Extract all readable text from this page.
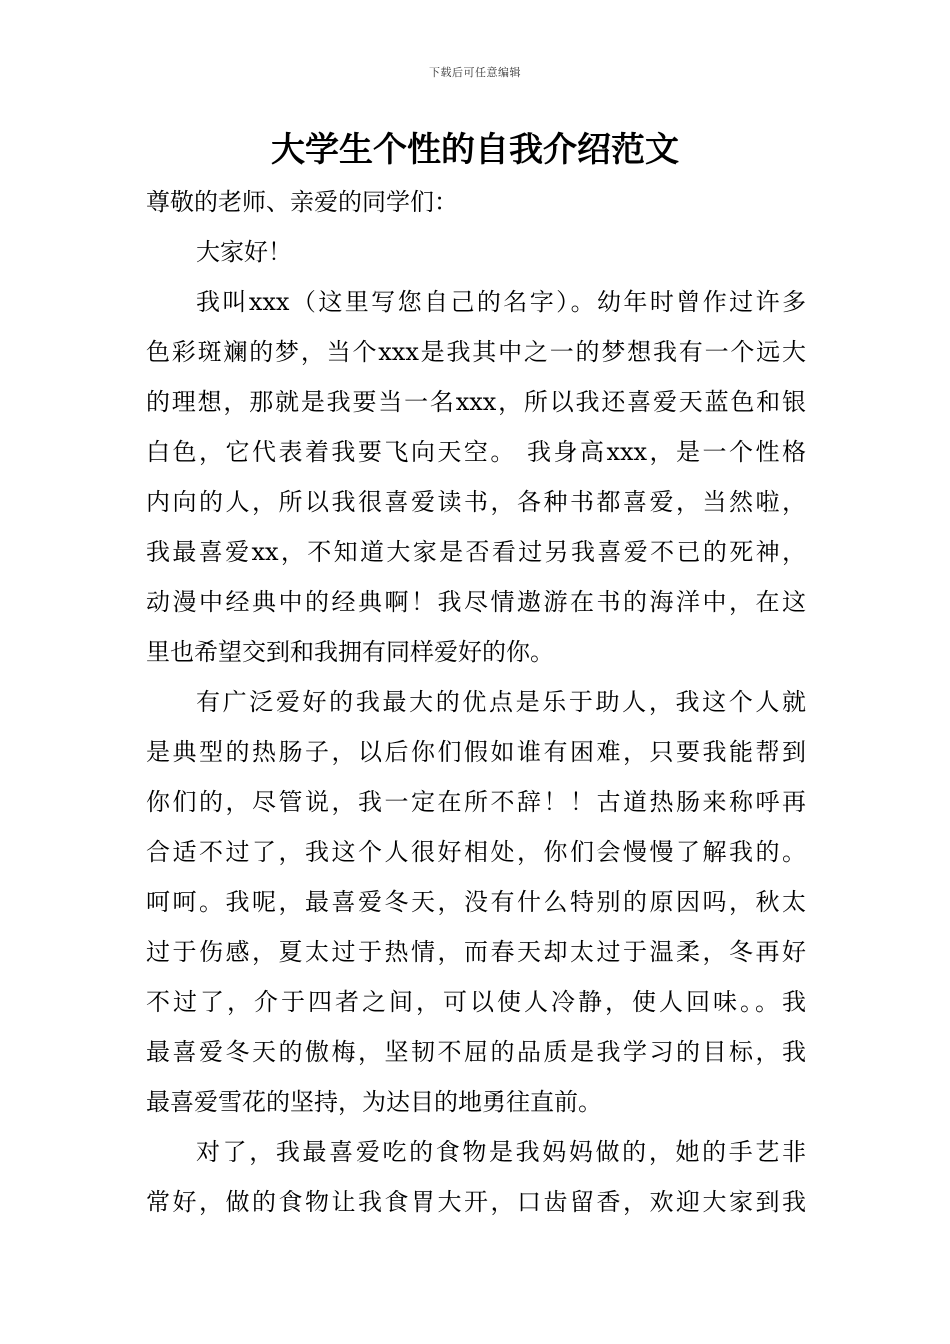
下载后可任意编辑
大学生个性的自我介绍范文

尊敬的老师、亲爱的同学们：

大家好！

我叫xxx（这里写您自己的名字）。幼年时曾作过许多

色彩斑斓的梦，当个xxx是我其中之一的梦想我有一个远大

的理想，那就是我要当一名xxx，所以我还喜爱天蓝色和银

白色，它代表着我要飞向天空。 我身高xxx，是一个性格

内向的人，所以我很喜爱读书，各种书都喜爱，当然啦，

我最喜爱xx，不知道大家是否看过另我喜爱不已的死神，

动漫中经典中的经典啊！我尽情遨游在书的海洋中，在这

里也希望交到和我拥有同样爱好的你。

有广泛爱好的我最大的优点是乐于助人，我这个人就

是典型的热肠子，以后你们假如谁有困难，只要我能帮到

你们的，尽管说，我一定在所不辞！！古道热肠来称呼再

合适不过了，我这个人很好相处，你们会慢慢了解我的。

呵呵。我呢，最喜爱冬天，没有什么特别的原因吗，秋太

过于伤感，夏太过于热情，而春天却太过于温柔，冬再好

不过了，介于四者之间，可以使人冷静，使人回味。。我

最喜爱冬天的傲梅，坚韧不屈的品质是我学习的目标，我

最喜爱雪花的坚持，为达目的地勇往直前。

对了，我最喜爱吃的食物是我妈妈做的，她的手艺非

常好，做的食物让我食胃大开，口齿留香，欢迎大家到我
